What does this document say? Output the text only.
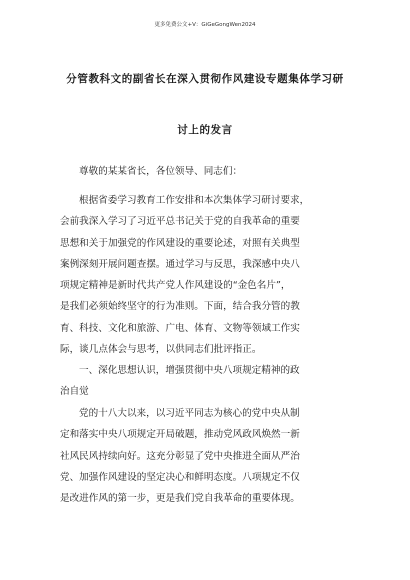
更多免费公文+V：GiGeGongWen2024
分管教科文的副省长在深入贯彻作风建设专题集体学习研
讨上的发言
尊敬的某某省长，各位领导、同志们：
根据省委学习教育工作安排和本次集体学习研讨要求，
会前我深入学习了习近平总书记关于党的自我革命的重要
思想和关于加强党的作风建设的重要论述，对照有关典型
案例深刻开展问题查摆。通过学习与反思，我深感中央八
项规定精神是新时代共产党人作风建设的“金色名片”，
是我们必须始终坚守的行为准则。下面，结合我分管的教
育、科技、文化和旅游、广电、体育、文物等领域工作实
际，谈几点体会与思考，以供同志们批评指正。
一、深化思想认识，增强贯彻中央八项规定精神的政
治自觉
党的十八大以来，以习近平同志为核心的党中央从制
定和落实中央八项规定开局破题，推动党风政风焕然一新
社风民风持续向好。这充分彰显了党中央推进全面从严治
党、加强作风建设的坚定决心和鲜明态度。八项规定不仅
是改进作风的第一步，更是我们党自我革命的重要体现。
